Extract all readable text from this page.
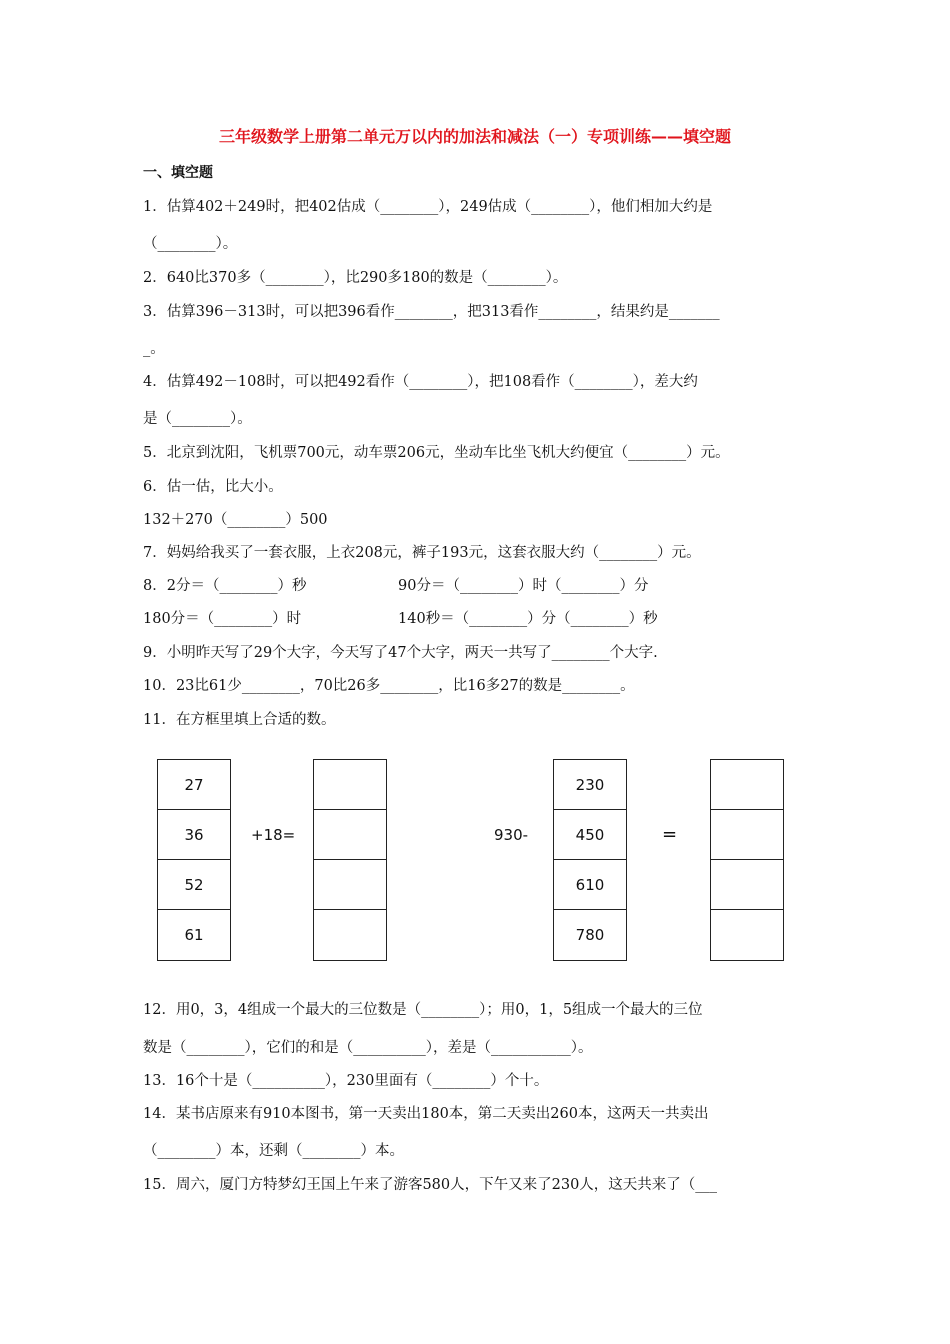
三年级数学上册第二单元万以内的加法和减法（一）专项训练——填空题
一、填空题
1．估算402＋249时，把402估成（________），249估成（________），他们相加大约是
（________）。
2．640比370多（________），比290多180的数是（________）。
3．估算396－313时，可以把396看作________，把313看作________，结果约是_______
_。
4．估算492－108时，可以把492看作（________），把108看作（________），差大约
是（________）。
5．北京到沈阳，飞机票700元，动车票206元，坐动车比坐飞机大约便宜（________）元。
6．估一估，比大小。
132＋270（________）500
7．妈妈给我买了一套衣服，上衣208元，裤子193元，这套衣服大约（________）元。
8．2分＝（________）秒	90分＝（________）时（________）分
180分＝（________）时	140秒＝（________）分（________）秒
9．小明昨天写了29个大字，今天写了47个大字，两天一共写了________个大字.
10．23比61少________，70比26多________，比16多27的数是________。
11．在方框里填上合适的数。
27
36
52
61
+18=	930-
230
450
610
780
=
12．用0，3，4组成一个最大的三位数是（________）；用0，1，5组成一个最大的三位
数是（________），它们的和是（__________），差是（___________）。
13．16个十是（__________），230里面有（________）个十。
14．某书店原来有910本图书，第一天卖出180本，第二天卖出260本，这两天一共卖出
（________）本，还剩（________）本。
15．周六，厦门方特梦幻王国上午来了游客580人，下午又来了230人，这天共来了（___
